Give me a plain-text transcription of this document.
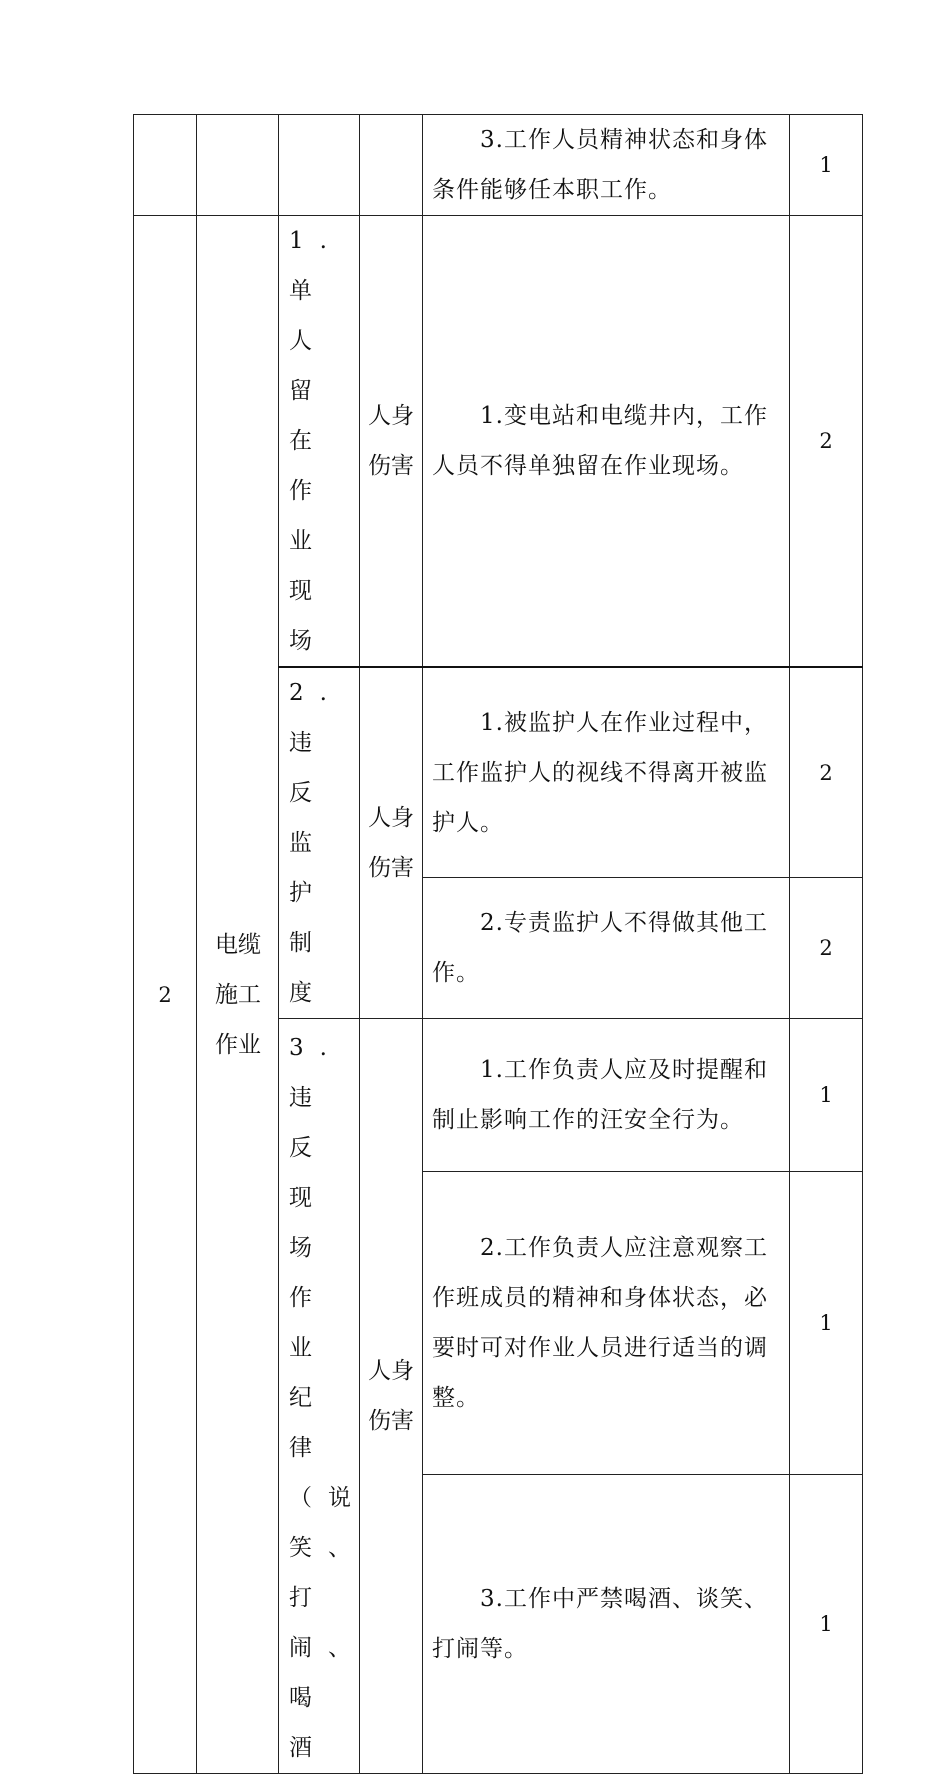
				3.工作人员精神状态和身体条件能够任本职工作。	1
2	电缆施工作业	1.单人留在作业现场	人身伤害	1.变电站和电缆井内，工作人员不得单独留在作业现场。	2
		2.违反监护制度	人身伤害	1.被监护人在作业过程中，工作监护人的视线不得离开被监护人。	2
				2.专责监护人不得做其他工作。	2
		3.违反现场作业纪律（说笑、打闹、喝酒	人身伤害	1.工作负责人应及时提醒和制止影响工作的汪安全行为。	1
				2.工作负责人应注意观察工作班成员的精神和身体状态，必要时可对作业人员进行适当的调整。	1
				3.工作中严禁喝酒、谈笑、打闹等。	1
